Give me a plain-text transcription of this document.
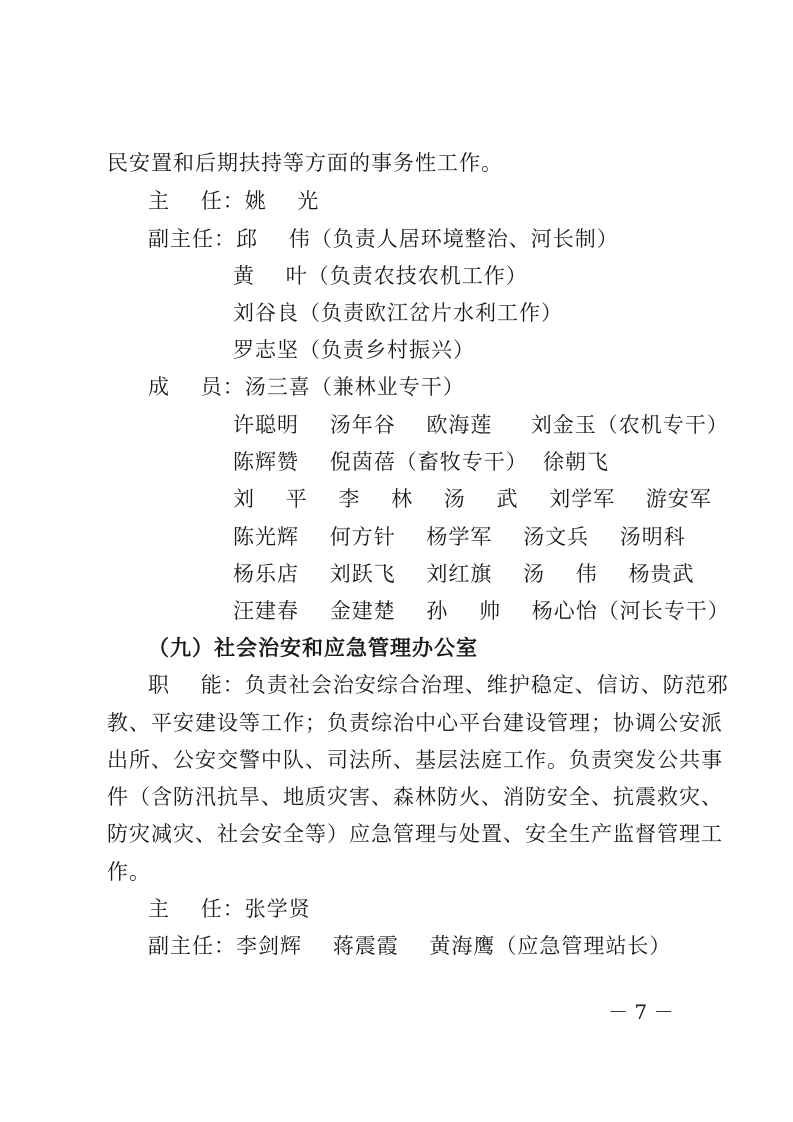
民安置和后期扶持等方面的事务性工作。
主    任：姚    光
副主任：邱    伟（负责人居环境整治、河长制）
黄    叶（负责农技农机工作）
刘谷良（负责欧江岔片水利工作）
罗志坚（负责乡村振兴）
成    员：汤三喜（兼林业专干）
许聪明    汤年谷    欧海莲     刘金玉（农机专干）
陈辉赞    倪茵蓓（畜牧专干）  徐朝飞
刘    平    李    林    汤    武    刘学军    游安军
陈光辉    何方针    杨学军    汤文兵    汤明科
杨乐店    刘跃飞    刘红旗    汤    伟    杨贵武
汪建春    金建楚    孙    帅    杨心怡（河长专干）
（九）社会治安和应急管理办公室
职    能：负责社会治安综合治理、维护稳定、信访、防范邪
教、平安建设等工作；负责综治中心平台建设管理；协调公安派
出所、公安交警中队、司法所、基层法庭工作。负责突发公共事
件（含防汛抗旱、地质灾害、森林防火、消防安全、抗震救灾、
防灾减灾、社会安全等）应急管理与处置、安全生产监督管理工
作。
主    任：张学贤
副主任：李剑辉    蒋震霞    黄海鹰（应急管理站长）
－ 7 －
